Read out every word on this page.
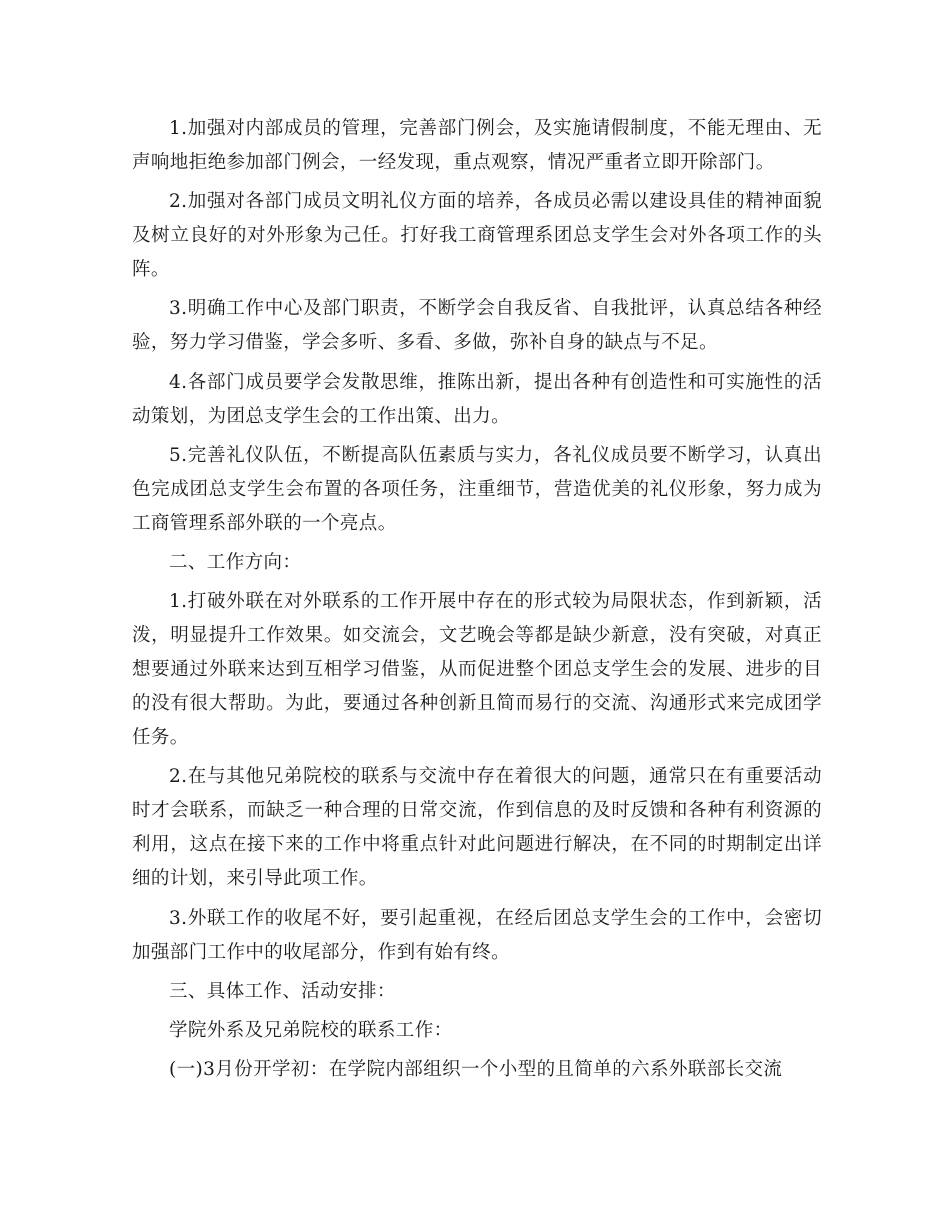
1.加强对内部成员的管理，完善部门例会，及实施请假制度，不能无理由、无声响地拒绝参加部门例会，一经发现，重点观察，情况严重者立即开除部门。

2.加强对各部门成员文明礼仪方面的培养，各成员必需以建设具佳的精神面貌及树立良好的对外形象为己任。打好我工商管理系团总支学生会对外各项工作的头阵。

3.明确工作中心及部门职责，不断学会自我反省、自我批评，认真总结各种经验，努力学习借鉴，学会多听、多看、多做，弥补自身的缺点与不足。

4.各部门成员要学会发散思维，推陈出新，提出各种有创造性和可实施性的活动策划，为团总支学生会的工作出策、出力。

5.完善礼仪队伍，不断提高队伍素质与实力，各礼仪成员要不断学习，认真出色完成团总支学生会布置的各项任务，注重细节，营造优美的礼仪形象，努力成为工商管理系部外联的一个亮点。

二、工作方向：

1.打破外联在对外联系的工作开展中存在的形式较为局限状态，作到新颖，活泼，明显提升工作效果。如交流会，文艺晚会等都是缺少新意，没有突破，对真正想要通过外联来达到互相学习借鉴，从而促进整个团总支学生会的发展、进步的目的没有很大帮助。为此，要通过各种创新且简而易行的交流、沟通形式来完成团学任务。

2.在与其他兄弟院校的联系与交流中存在着很大的问题，通常只在有重要活动时才会联系，而缺乏一种合理的日常交流，作到信息的及时反馈和各种有利资源的利用，这点在接下来的工作中将重点针对此问题进行解决，在不同的时期制定出详细的计划，来引导此项工作。

3.外联工作的收尾不好，要引起重视，在经后团总支学生会的工作中，会密切加强部门工作中的收尾部分，作到有始有终。

三、具体工作、活动安排：

学院外系及兄弟院校的联系工作：

(一)3月份开学初：在学院内部组织一个小型的且简单的六系外联部长交流
